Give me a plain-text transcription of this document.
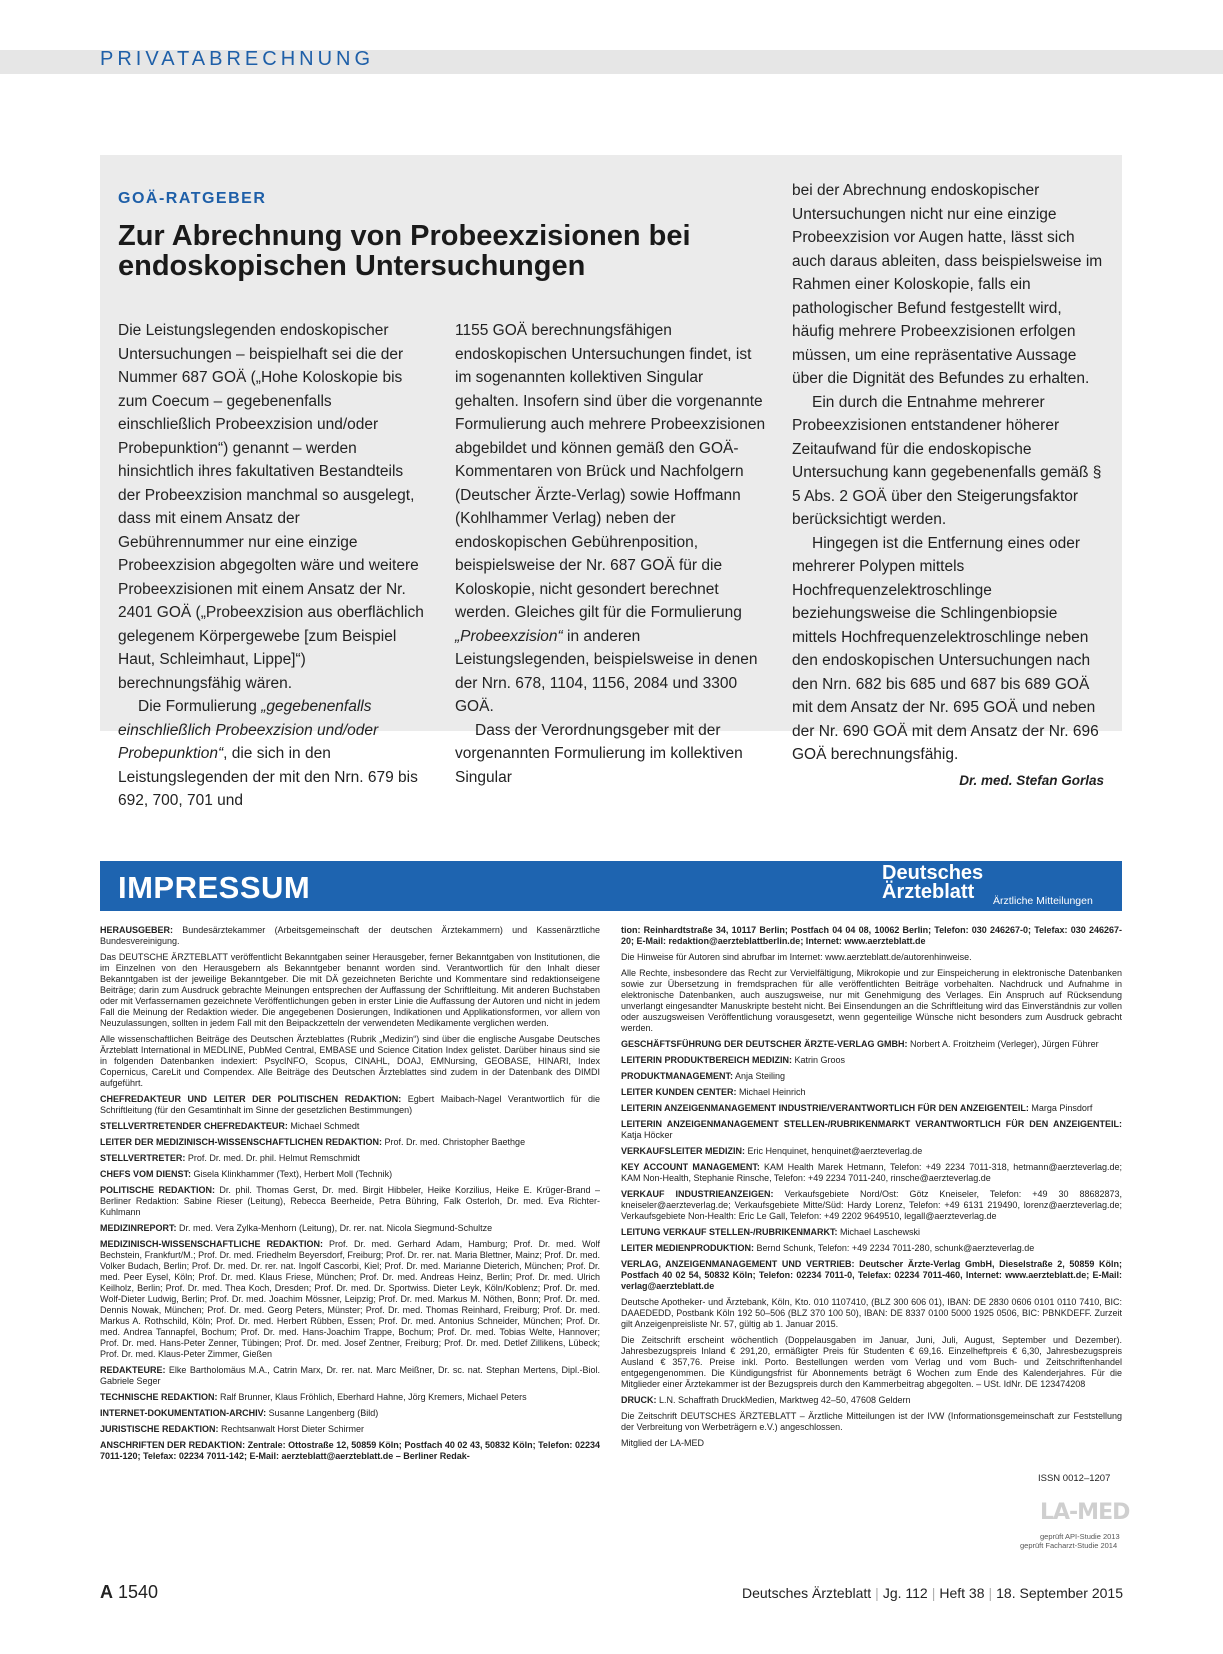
PRIVATABRECHNUNG
GOÄ-RATGEBER
Zur Abrechnung von Probeexzisionen bei endoskopischen Untersuchungen

Die Leistungslegenden endoskopischer Untersuchungen – beispielhaft sei die der Nummer 687 GOÄ („Hohe Koloskopie bis zum Coecum – gegebenenfalls einschließlich Probeexzision und/oder Probepunktion“) genannt – werden hinsichtlich ihres fakultativen Bestandteils der Probeexzision manchmal so ausgelegt, dass mit einem Ansatz der Gebührennummer nur eine einzige Probeexzision abgegolten wäre und weitere Probeexzisionen mit einem Ansatz der Nr. 2401 GOÄ („Probeexzision aus oberflächlich gelegenem Körpergewebe [zum Beispiel Haut, Schleimhaut, Lippe]“) berechnungsfähig wären.

Die Formulierung „gegebenenfalls einschließlich Probeexzision und/oder Probepunktion“, die sich in den Leistungslegenden der mit den Nrn. 679 bis 692, 700, 701 und

1155 GOÄ berechnungsfähigen endoskopischen Untersuchungen findet, ist im sogenannten kollektiven Singular gehalten. Insofern sind über die vorgenannte Formulierung auch mehrere Probeexzisionen abgebildet und können gemäß den GOÄ-Kommentaren von Brück und Nachfolgern (Deutscher Ärzte-Verlag) sowie Hoffmann (Kohlhammer Verlag) neben der endoskopischen Gebührenposition, beispielsweise der Nr. 687 GOÄ für die Koloskopie, nicht gesondert berechnet werden. Gleiches gilt für die Formulierung „Probeexzision“ in anderen Leistungslegenden, beispielsweise in denen der Nrn. 678, 1104, 1156, 2084 und 3300 GOÄ.

Dass der Verordnungsgeber mit der vorgenannten Formulierung im kollektiven Singular

bei der Abrechnung endoskopischer Untersuchungen nicht nur eine einzige Probeexzision vor Augen hatte, lässt sich auch daraus ableiten, dass beispielsweise im Rahmen einer Koloskopie, falls ein pathologischer Befund festgestellt wird, häufig mehrere Probeexzisionen erfolgen müssen, um eine repräsentative Aussage über die Dignität des Befundes zu erhalten.

Ein durch die Entnahme mehrerer Probeexzisionen entstandener höherer Zeitaufwand für die endoskopische Untersuchung kann gegebenenfalls gemäß § 5 Abs. 2 GOÄ über den Steigerungsfaktor berücksichtigt werden.

Hingegen ist die Entfernung eines oder mehrerer Polypen mittels Hochfrequenzelektroschlinge beziehungsweise die Schlingenbiopsie mittels Hochfrequenzelektroschlinge neben den endoskopischen Untersuchungen nach den Nrn. 682 bis 685 und 687 bis 689 GOÄ mit dem Ansatz der Nr. 695 GOÄ und neben der Nr. 690 GOÄ mit dem Ansatz der Nr. 696 GOÄ berechnungsfähig.
Dr. med. Stefan Gorlas

IMPRESSUM	Deutsches
Ärzteblatt Ärztliche Mitteilungen

HERAUSGEBER: Bundesärztekammer (Arbeitsgemeinschaft der deutschen Ärztekammern) und Kassenärztliche Bundesvereinigung.

Das DEUTSCHE ÄRZTEBLATT veröffentlicht Bekanntgaben seiner Herausgeber, ferner Bekanntgaben von Institutionen, die im Einzelnen von den Herausgebern als Bekanntgeber benannt worden sind. Verantwortlich für den Inhalt dieser Bekanntgaben ist der jeweilige Bekanntgeber. Die mit DÄ gezeichneten Berichte und Kommentare sind redaktionseigene Beiträge; darin zum Ausdruck gebrachte Meinungen entsprechen der Auffassung der Schriftleitung. Mit anderen Buchstaben oder mit Verfassernamen gezeichnete Veröffentlichungen geben in erster Linie die Auffassung der Autoren und nicht in jedem Fall die Meinung der Redaktion wieder. Die angegebenen Dosierungen, Indikationen und Applikationsformen, vor allem von Neuzulassungen, sollten in jedem Fall mit den Beipackzetteln der verwendeten Medikamente verglichen werden.

Alle wissenschaftlichen Beiträge des Deutschen Ärzteblattes (Rubrik „Medizin“) sind über die englische Ausgabe Deutsches Ärzteblatt International in MEDLINE, PubMed Central, EMBASE und Science Citation Index gelistet. Darüber hinaus sind sie in folgenden Datenbanken indexiert: PsycINFO, Scopus, CINAHL, DOAJ, EMNursing, GEOBASE, HINARI, Index Copernicus, CareLit und Compendex. Alle Beiträge des Deutschen Ärzteblattes sind zudem in der Datenbank des DIMDI aufgeführt.

CHEFREDAKTEUR UND LEITER DER POLITISCHEN REDAKTION: Egbert Maibach-Nagel Verantwortlich für die Schriftleitung (für den Gesamtinhalt im Sinne der gesetzlichen Bestimmungen)

STELLVERTRETENDER CHEFREDAKTEUR: Michael Schmedt

LEITER DER MEDIZINISCH-WISSENSCHAFTLICHEN REDAKTION: Prof. Dr. med. Christopher Baethge

STELLVERTRETER: Prof. Dr. med. Dr. phil. Helmut Remschmidt

CHEFS VOM DIENST: Gisela Klinkhammer (Text), Herbert Moll (Technik)

POLITISCHE REDAKTION: Dr. phil. Thomas Gerst, Dr. med. Birgit Hibbeler, Heike Korzilius, Heike E. Krüger-Brand – Berliner Redaktion: Sabine Rieser (Leitung), Rebecca Beerheide, Petra Bühring, Falk Osterloh, Dr. med. Eva Richter-Kuhlmann

MEDIZINREPORT: Dr. med. Vera Zylka-Menhorn (Leitung), Dr. rer. nat. Nicola Siegmund-Schultze

MEDIZINISCH-WISSENSCHAFTLICHE REDAKTION: Prof. Dr. med. Gerhard Adam, Hamburg; Prof. Dr. med. Wolf Bechstein, Frankfurt/M.; Prof. Dr. med. Friedhelm Beyersdorf, Freiburg; Prof. Dr. rer. nat. Maria Blettner, Mainz; Prof. Dr. med. Volker Budach, Berlin; Prof. Dr. med. Dr. rer. nat. Ingolf Cascorbi, Kiel; Prof. Dr. med. Marianne Dieterich, München; Prof. Dr. med. Peer Eysel, Köln; Prof. Dr. med. Klaus Friese, München; Prof. Dr. med. Andreas Heinz, Berlin; Prof. Dr. med. Ulrich Keilholz, Berlin; Prof. Dr. med. Thea Koch, Dresden; Prof. Dr. med. Dr. Sportwiss. Dieter Leyk, Köln/Koblenz; Prof. Dr. med. Wolf-Dieter Ludwig, Berlin; Prof. Dr. med. Joachim Mössner, Leipzig; Prof. Dr. med. Markus M. Nöthen, Bonn; Prof. Dr. med. Dennis Nowak, München; Prof. Dr. med. Georg Peters, Münster; Prof. Dr. med. Thomas Reinhard, Freiburg; Prof. Dr. med. Markus A. Rothschild, Köln; Prof. Dr. med. Herbert Rübben, Essen; Prof. Dr. med. Antonius Schneider, München; Prof. Dr. med. Andrea Tannapfel, Bochum; Prof. Dr. med. Hans-Joachim Trappe, Bochum; Prof. Dr. med. Tobias Welte, Hannover; Prof. Dr. med. Hans-Peter Zenner, Tübingen; Prof. Dr. med. Josef Zentner, Freiburg; Prof. Dr. med. Detlef Zillikens, Lübeck; Prof. Dr. med. Klaus-Peter Zimmer, Gießen

REDAKTEURE: Elke Bartholomäus M.A., Catrin Marx, Dr. rer. nat. Marc Meißner, Dr. sc. nat. Stephan Mertens, Dipl.-Biol. Gabriele Seger

TECHNISCHE REDAKTION: Ralf Brunner, Klaus Fröhlich, Eberhard Hahne, Jörg Kremers, Michael Peters

INTERNET-DOKUMENTATION-ARCHIV: Susanne Langenberg (Bild)

JURISTISCHE REDAKTION: Rechtsanwalt Horst Dieter Schirmer

ANSCHRIFTEN DER REDAKTION: Zentrale: Ottostraße 12, 50859 Köln; Postfach 40 02 43, 50832 Köln; Telefon: 02234 7011-120; Telefax: 02234 7011-142; E-Mail: aerzteblatt@aerzteblatt.de – Berliner Redak-

tion: Reinhardtstraße 34, 10117 Berlin; Postfach 04 04 08, 10062 Berlin; Telefon: 030 246267-0; Telefax: 030 246267-20; E-Mail: redaktion@aerzteblattberlin.de; Internet: www.aerzteblatt.de

Die Hinweise für Autoren sind abrufbar im Internet: www.aerzteblatt.de/autorenhinweise.

Alle Rechte, insbesondere das Recht zur Vervielfältigung, Mikrokopie und zur Einspeicherung in elektronische Datenbanken sowie zur Übersetzung in fremdsprachen für alle veröffentlichten Beiträge vorbehalten. Nachdruck und Aufnahme in elektronische Datenbanken, auch auszugsweise, nur mit Genehmigung des Verlages. Ein Anspruch auf Rücksendung unverlangt eingesandter Manuskripte besteht nicht. Bei Einsendungen an die Schriftleitung wird das Einverständnis zur vollen oder auszugsweisen Veröffentlichung vorausgesetzt, wenn gegenteilige Wünsche nicht besonders zum Ausdruck gebracht werden.

GESCHÄFTSFÜHRUNG DER DEUTSCHER ÄRZTE-VERLAG GMBH: Norbert A. Froitzheim (Verleger), Jürgen Führer

LEITERIN PRODUKTBEREICH MEDIZIN: Katrin Groos

PRODUKTMANAGEMENT: Anja Steiling

LEITER KUNDEN CENTER: Michael Heinrich

LEITERIN ANZEIGENMANAGEMENT INDUSTRIE/VERANTWORTLICH FÜR DEN ANZEIGENTEIL: Marga Pinsdorf

LEITERIN ANZEIGENMANAGEMENT STELLEN-/RUBRIKENMARKT VERANTWORTLICH FÜR DEN ANZEIGENTEIL: Katja Höcker

VERKAUFSLEITER MEDIZIN: Eric Henquinet, henquinet@aerzteverlag.de

KEY ACCOUNT MANAGEMENT: KAM Health Marek Hetmann, Telefon: +49 2234 7011-318, hetmann@aerzteverlag.de; KAM Non-Health, Stephanie Rinsche, Telefon: +49 2234 7011-240, rinsche@aerzteverlag.de

VERKAUF INDUSTRIEANZEIGEN: Verkaufsgebiete Nord/Ost: Götz Kneiseler, Telefon: +49 30 88682873, kneiseler@aerzteverlag.de; Verkaufsgebiete Mitte/Süd: Hardy Lorenz, Telefon: +49 6131 219490, lorenz@aerzteverlag.de; Verkaufsgebiete Non-Health: Eric Le Gall, Telefon: +49 2202 9649510, legall@aerzteverlag.de

LEITUNG VERKAUF STELLEN-/RUBRIKENMARKT: Michael Laschewski

LEITER MEDIENPRODUKTION: Bernd Schunk, Telefon: +49 2234 7011-280, schunk@aerzteverlag.de

VERLAG, ANZEIGENMANAGEMENT UND VERTRIEB: Deutscher Ärzte-Verlag GmbH, Dieselstraße 2, 50859 Köln; Postfach 40 02 54, 50832 Köln; Telefon: 02234 7011-0, Telefax: 02234 7011-460, Internet: www.aerzteblatt.de; E-Mail: verlag@aerzteblatt.de

Deutsche Apotheker- und Ärztebank, Köln, Kto. 010 1107410, (BLZ 300 606 01), IBAN: DE 2830 0606 0101 0110 7410, BIC: DAAEDEDD, Postbank Köln 192 50–506 (BLZ 370 100 50), IBAN: DE 8337 0100 5000 1925 0506, BIC: PBNKDEFF. Zurzeit gilt Anzeigenpreisliste Nr. 57, gültig ab 1. Januar 2015.

Die Zeitschrift erscheint wöchentlich (Doppelausgaben im Januar, Juni, Juli, August, September und Dezember). Jahresbezugspreis Inland € 291,20, ermäßigter Preis für Studenten € 69,16. Einzelheftpreis € 6,30, Jahresbezugspreis Ausland € 357,76. Preise inkl. Porto. Bestellungen werden vom Verlag und vom Buch- und Zeitschriftenhandel entgegengenommen. Die Kündigungsfrist für Abonnements beträgt 6 Wochen zum Ende des Kalenderjahres. Für die Mitglieder einer Ärztekammer ist der Bezugspreis durch den Kammerbeitrag abgegolten. – USt. IdNr. DE 123474208

DRUCK: L.N. Schaffrath DruckMedien, Marktweg 42–50, 47608 Geldern

Die Zeitschrift DEUTSCHES ÄRZTEBLATT – Ärztliche Mitteilungen ist der IVW (Informationsgemeinschaft zur Feststellung der Verbreitung von Werbeträgern e.V.) angeschlossen.

Mitglied der LA-MED

ISSN 0012–1207
LA-MED
geprüft API-Studie 2013
geprüft Facharzt-Studie 2014
A 1540	Deutsches Ärzteblatt | Jg. 112 | Heft 38 | 18. September 2015
